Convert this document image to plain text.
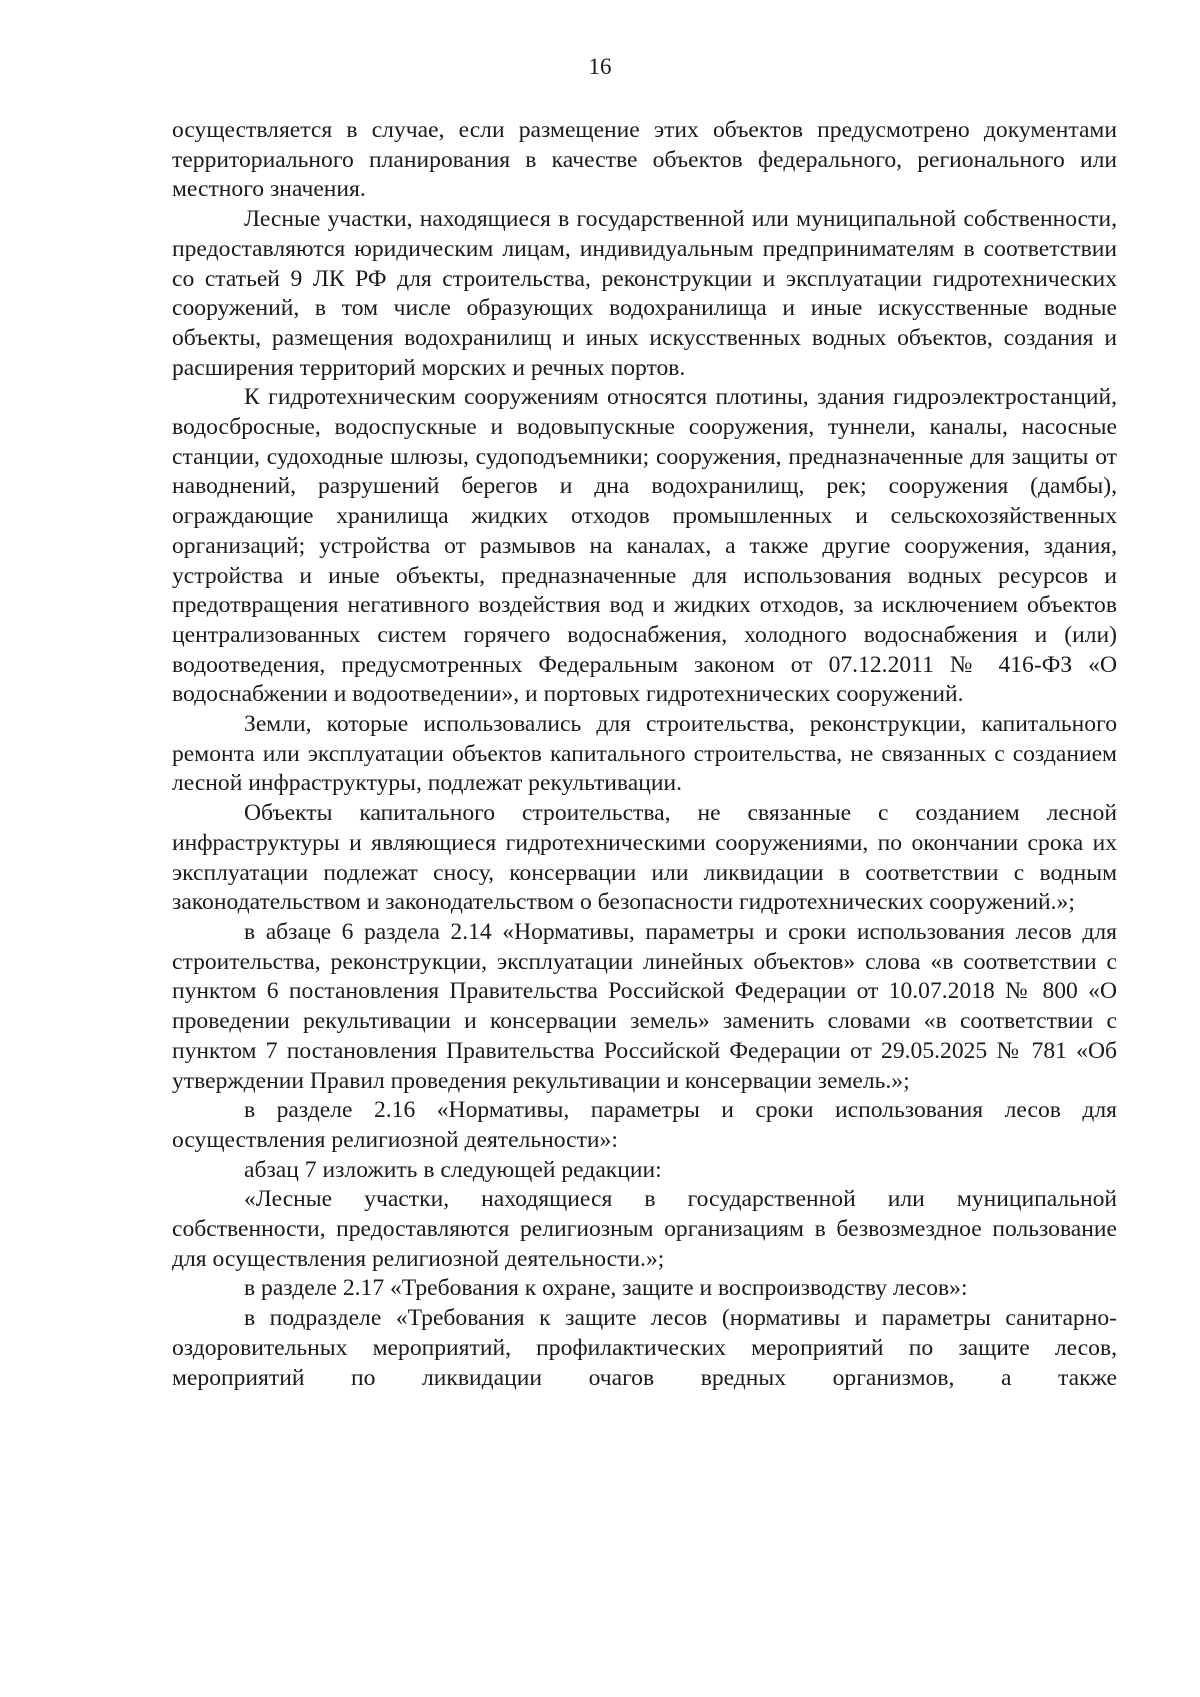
16

осуществляется в случае, если размещение этих объектов предусмотрено документами территориального планирования в качестве объектов федерального, регионального или местного значения.

Лесные участки, находящиеся в государственной или муниципальной собственности, предоставляются юридическим лицам, индивидуальным предпринимателям в соответствии со статьей 9 ЛК РФ для строительства, реконструкции и эксплуатации гидротехнических сооружений, в том числе образующих водохранилища и иные искусственные водные объекты, размещения водохранилищ и иных искусственных водных объектов, создания и расширения территорий морских и речных портов.

К гидротехническим сооружениям относятся плотины, здания гидроэлектростанций, водосбросные, водоспускные и водовыпускные сооружения, туннели, каналы, насосные станции, судоходные шлюзы, судоподъемники; сооружения, предназначенные для защиты от наводнений, разрушений берегов и дна водохранилищ, рек; сооружения (дамбы), ограждающие хранилища жидких отходов промышленных и сельскохозяйственных организаций; устройства от размывов на каналах, а также другие сооружения, здания, устройства и иные объекты, предназначенные для использования водных ресурсов и предотвращения негативного воздействия вод и жидких отходов, за исключением объектов централизованных систем горячего водоснабжения, холодного водоснабжения и (или) водоотведения, предусмотренных Федеральным законом от 07.12.2011 № 416-ФЗ «О водоснабжении и водоотведении», и портовых гидротехнических сооружений.

Земли, которые использовались для строительства, реконструкции, капитального ремонта или эксплуатации объектов капитального строительства, не связанных с созданием лесной инфраструктуры, подлежат рекультивации.

Объекты капитального строительства, не связанные с созданием лесной инфраструктуры и являющиеся гидротехническими сооружениями, по окончании срока их эксплуатации подлежат сносу, консервации или ликвидации в соответствии с водным законодательством и законодательством о безопасности гидротехнических сооружений.»;

в абзаце 6 раздела 2.14 «Нормативы, параметры и сроки использования лесов для строительства, реконструкции, эксплуатации линейных объектов» слова «в соответствии с пунктом 6 постановления Правительства Российской Федерации от 10.07.2018 № 800 «О проведении рекультивации и консервации земель» заменить словами «в соответствии с пунктом 7 постановления Правительства Российской Федерации от 29.05.2025 № 781 «Об утверждении Правил проведения рекультивации и консервации земель.»;

в разделе 2.16 «Нормативы, параметры и сроки использования лесов для осуществления религиозной деятельности»:

абзац 7 изложить в следующей редакции:

«Лесные участки, находящиеся в государственной или муниципальной собственности, предоставляются религиозным организациям в безвозмездное пользование для осуществления религиозной деятельности.»;

в разделе 2.17 «Требования к охране, защите и воспроизводству лесов»:

в подразделе «Требования к защите лесов (нормативы и параметры санитарно-оздоровительных мероприятий, профилактических мероприятий по защите лесов, мероприятий по ликвидации очагов вредных организмов, а также
